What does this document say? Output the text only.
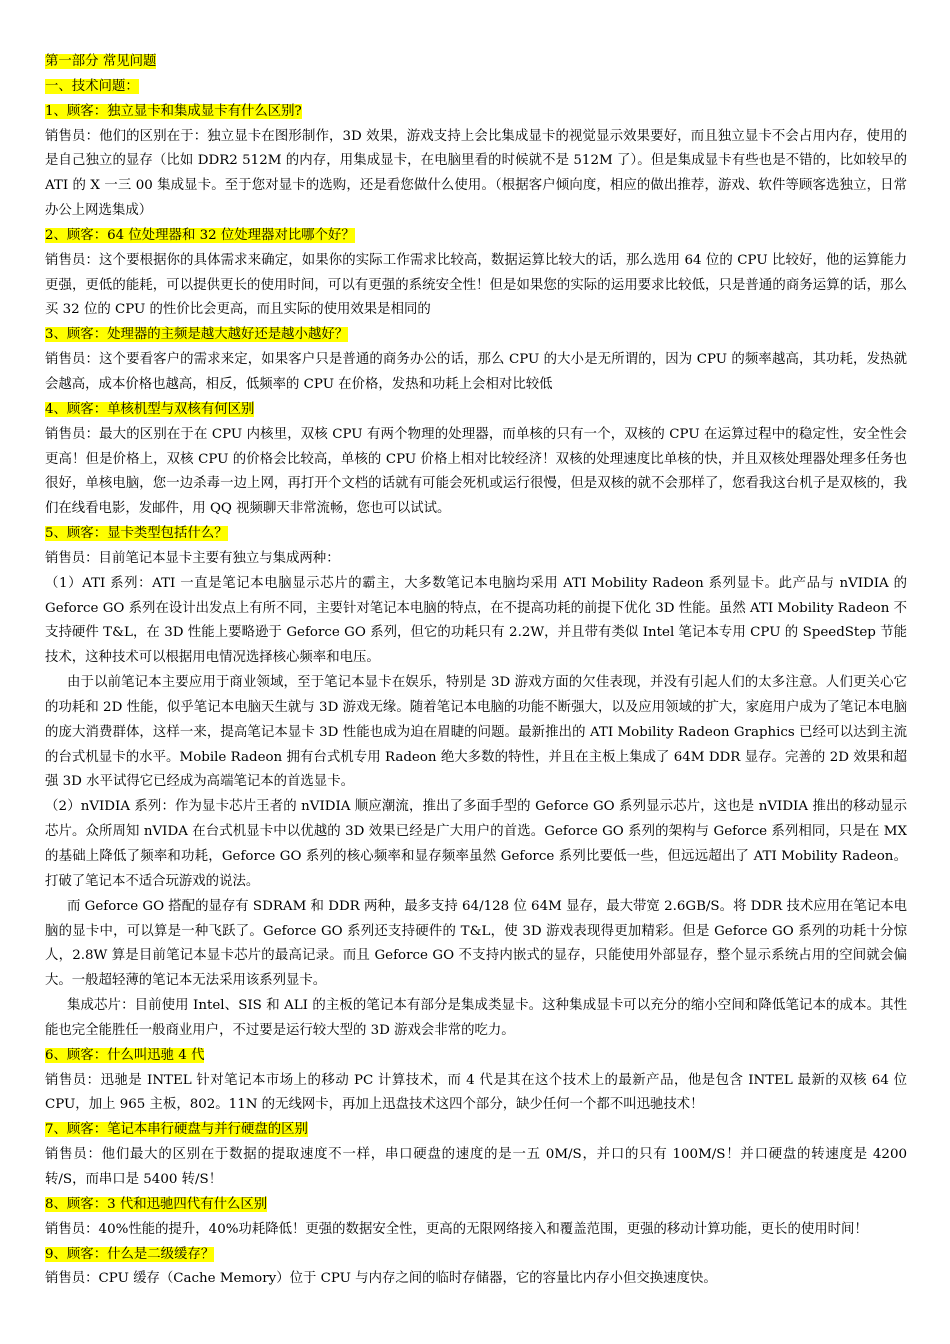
第一部分 常见问题
一、技术问题：
1、顾客：独立显卡和集成显卡有什么区别?
销售员：他们的区别在于：独立显卡在图形制作，3D 效果，游戏支持上会比集成显卡的视觉显示效果要好，而且独立显卡不会占用内存，使用的是自己独立的显存（比如 DDR2 512M 的内存，用集成显卡，在电脑里看的时候就不是 512M 了）。但是集成显卡有些也是不错的，比如较早的 ATI 的 X 一三 00 集成显卡。至于您对显卡的选购，还是看您做什么使用。（根据客户倾向度，相应的做出推荐，游戏、软件等顾客选独立，日常办公上网选集成）
2、顾客：64 位处理器和 32 位处理器对比哪个好？
销售员：这个要根据你的具体需求来确定，如果你的实际工作需求比较高，数据运算比较大的话，那么选用 64 位的 CPU 比较好，他的运算能力更强，更低的能耗，可以提供更长的使用时间，可以有更强的系统安全性！但是如果您的实际的运用要求比较低，只是普通的商务运算的话，那么买 32 位的 CPU 的性价比会更高，而且实际的使用效果是相同的
3、顾客：处理器的主频是越大越好还是越小越好？
销售员：这个要看客户的需求来定，如果客户只是普通的商务办公的话，那么 CPU 的大小是无所谓的，因为 CPU 的频率越高，其功耗，发热就会越高，成本价格也越高，相反，低频率的 CPU 在价格，发热和功耗上会相对比较低
4、顾客：单核机型与双核有何区别
销售员：最大的区别在于在 CPU 内核里，双核 CPU 有两个物理的处理器，而单核的只有一个，双核的 CPU 在运算过程中的稳定性，安全性会更高！但是价格上，双核 CPU 的价格会比较高，单核的 CPU 价格上相对比较经济！双核的处理速度比单核的快，并且双核处理器处理多任务也很好，单核电脑，您一边杀毒一边上网，再打开个文档的话就有可能会死机或运行很慢，但是双核的就不会那样了，您看我这台机子是双核的，我们在线看电影，发邮件，用 QQ 视频聊天非常流畅，您也可以试试。
5、顾客：显卡类型包括什么？
销售员：目前笔记本显卡主要有独立与集成两种：
（1）ATI 系列：ATI 一直是笔记本电脑显示芯片的霸主，大多数笔记本电脑均采用 ATI Mobility Radeon 系列显卡。此产品与 nVIDIA 的 Geforce GO 系列在设计出发点上有所不同，主要针对笔记本电脑的特点，在不提高功耗的前提下优化 3D 性能。虽然 ATI Mobility Radeon 不支持硬件 T&L，在 3D 性能上要略逊于 Geforce GO 系列，但它的功耗只有 2.2W，并且带有类似 Intel 笔记本专用 CPU 的 SpeedStep 节能技术，这种技术可以根据用电情况选择核心频率和电压。
由于以前笔记本主要应用于商业领域，至于笔记本显卡在娱乐，特别是 3D 游戏方面的欠佳表现，并没有引起人们的太多注意。人们更关心它的功耗和 2D 性能，似乎笔记本电脑天生就与 3D 游戏无缘。随着笔记本电脑的功能不断强大，以及应用领域的扩大，家庭用户成为了笔记本电脑的庞大消费群体，这样一来，提高笔记本显卡 3D 性能也成为迫在眉睫的问题。最新推出的 ATI Mobility Radeon Graphics 已经可以达到主流的台式机显卡的水平。Mobile Radeon 拥有台式机专用 Radeon 绝大多数的特性，并且在主板上集成了 64M DDR 显存。完善的 2D 效果和超强 3D 水平试得它已经成为高端笔记本的首选显卡。
（2）nVIDIA 系列：作为显卡芯片王者的 nVIDIA 顺应潮流，推出了多面手型的 Geforce GO 系列显示芯片，这也是 nVIDIA 推出的移动显示芯片。众所周知 nVIDA 在台式机显卡中以优越的 3D 效果已经是广大用户的首选。Geforce GO 系列的架构与 Geforce 系列相同，只是在 MX 的基础上降低了频率和功耗，Geforce GO 系列的核心频率和显存频率虽然 Geforce 系列比要低一些，但远远超出了 ATI Mobility Radeon。打破了笔记本不适合玩游戏的说法。
而 Geforce GO 搭配的显存有 SDRAM 和 DDR 两种，最多支持 64/128 位 64M 显存，最大带宽 2.6GB/S。将 DDR 技术应用在笔记本电脑的显卡中，可以算是一种飞跃了。Geforce GO 系列还支持硬件的 T&L，使 3D 游戏表现得更加精彩。但是 Geforce GO 系列的功耗十分惊人，2.8W 算是目前笔记本显卡芯片的最高记录。而且 Geforce GO 不支持内嵌式的显存，只能使用外部显存，整个显示系统占用的空间就会偏大。一般超轻薄的笔记本无法采用该系列显卡。
集成芯片：目前使用 Intel、SIS 和 ALI 的主板的笔记本有部分是集成类显卡。这种集成显卡可以充分的缩小空间和降低笔记本的成本。其性能也完全能胜任一般商业用户，不过要是运行较大型的 3D 游戏会非常的吃力。
6、顾客：什么叫迅驰 4 代
销售员：迅驰是 INTEL 针对笔记本市场上的移动 PC 计算技术，而 4 代是其在这个技术上的最新产品，他是包含 INTEL 最新的双核 64 位 CPU，加上 965 主板，802。11N 的无线网卡，再加上迅盘技术这四个部分，缺少任何一个都不叫迅驰技术！
7、顾客：笔记本串行硬盘与并行硬盘的区别
销售员：他们最大的区别在于数据的提取速度不一样，串口硬盘的速度的是一五 0M/S，并口的只有 100M/S！并口硬盘的转速度是 4200 转/S，而串口是 5400 转/S！
8、顾客：3 代和迅驰四代有什么区别
销售员：40%性能的提升，40%功耗降低！更强的数据安全性，更高的无限网络接入和覆盖范围，更强的移动计算功能，更长的使用时间！
9、顾客：什么是二级缓存？
销售员：CPU 缓存（Cache Memory）位于 CPU 与内存之间的临时存储器，它的容量比内存小但交换速度快。
